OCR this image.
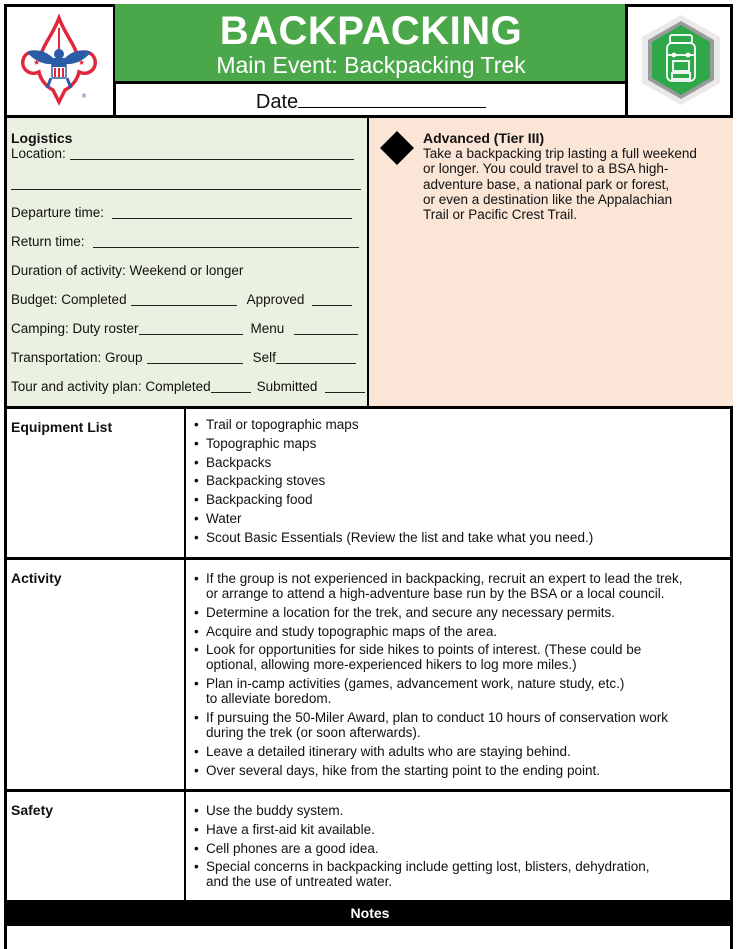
★	★
®
BACKPACKING
Main Event: Backpacking Trek
Date
Logistics
Location:
Departure time:
Return time:
Duration of activity: Weekend or longer
Budget: Completed	Approved
Camping: Duty roster	Menu
Transportation: Group	Self
Tour and activity plan: Completed	Submitted
Advanced (Tier III)
Take a backpacking trip lasting a full weekend
or longer. You could travel to a BSA high-
adventure base, a national park or forest,
or even a destination like the Appalachian
Trail or Pacific Crest Trail.
Equipment List	• Trail or topographic maps
• Topographic maps
• Backpacks
• Backpacking stoves
• Backpacking food
• Water
• Scout Basic Essentials (Review the list and take what you need.)
Activity	• If the group is not experienced in backpacking, recruit an expert to lead the trek,
or arrange to attend a high-adventure base run by the BSA or a local council.
• Determine a location for the trek, and secure any necessary permits.
• Acquire and study topographic maps of the area.
• Look for opportunities for side hikes to points of interest. (These could be
optional, allowing more-experienced hikers to log more miles.)
• Plan in-camp activities (games, advancement work, nature study, etc.)
to alleviate boredom.
• If pursuing the 50-Miler Award, plan to conduct 10 hours of conservation work
during the trek (or soon afterwards).
• Leave a detailed itinerary with adults who are staying behind.
• Over several days, hike from the starting point to the ending point.
Safety	• Use the buddy system.
• Have a first-aid kit available.
• Cell phones are a good idea.
• Special concerns in backpacking include getting lost, blisters, dehydration,
and the use of untreated water.
Notes
